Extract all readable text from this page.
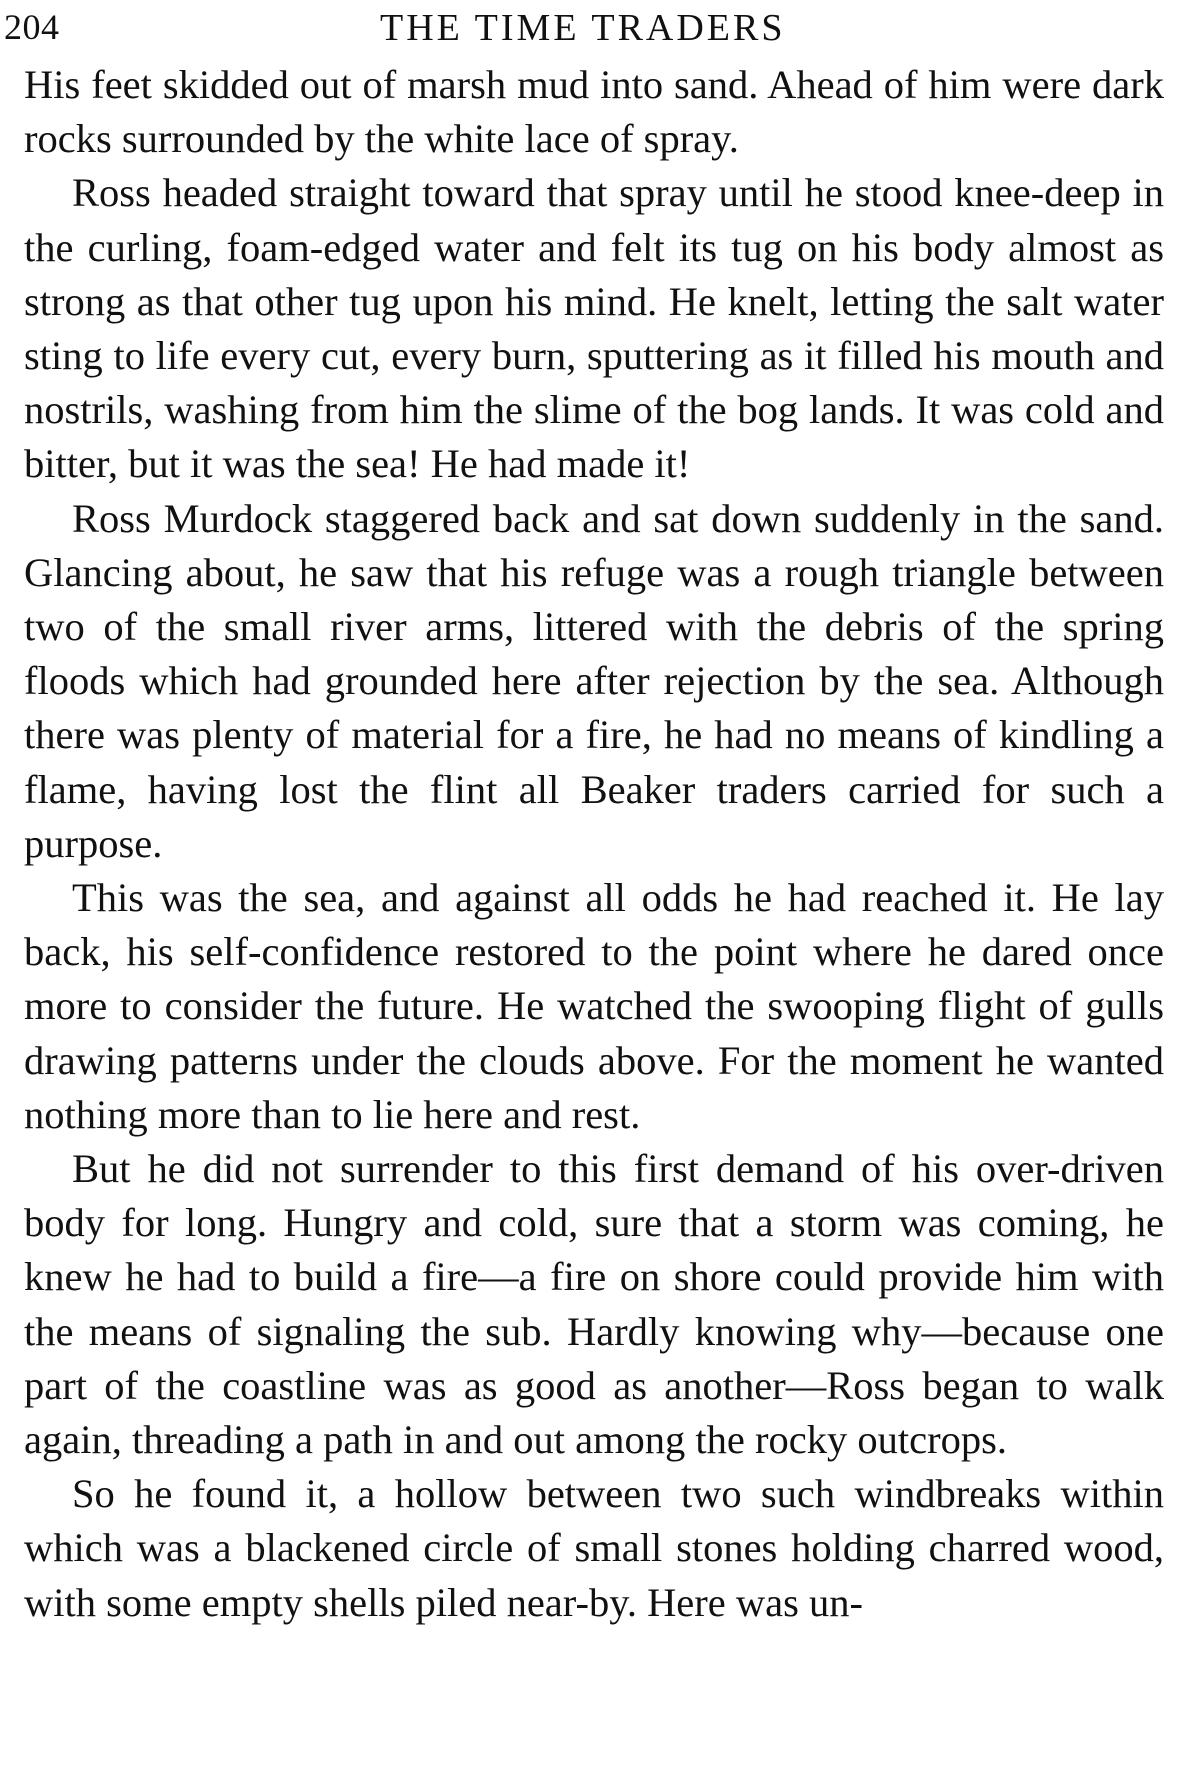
204	THE TIME TRADERS

His feet skidded out of marsh mud into sand. Ahead of him were dark rocks surrounded by the white lace of spray.

Ross headed straight toward that spray until he stood knee-deep in the curling, foam-edged water and felt its tug on his body almost as strong as that other tug upon his mind. He knelt, letting the salt water sting to life every cut, every burn, sputtering as it filled his mouth and nostrils, washing from him the slime of the bog lands. It was cold and bitter, but it was the sea! He had made it!

Ross Murdock staggered back and sat down suddenly in the sand. Glancing about, he saw that his refuge was a rough triangle between two of the small river arms, littered with the debris of the spring floods which had grounded here after rejection by the sea. Although there was plenty of material for a fire, he had no means of kindling a flame, having lost the flint all Beaker traders carried for such a purpose.

This was the sea, and against all odds he had reached it. He lay back, his self-confidence restored to the point where he dared once more to consider the future. He watched the swooping flight of gulls drawing patterns under the clouds above. For the moment he wanted nothing more than to lie here and rest.

But he did not surrender to this first demand of his over-driven body for long. Hungry and cold, sure that a storm was coming, he knew he had to build a fire—a fire on shore could provide him with the means of signaling the sub. Hardly knowing why—because one part of the coastline was as good as another—Ross began to walk again, threading a path in and out among the rocky outcrops.

So he found it, a hollow between two such windbreaks within which was a blackened circle of small stones holding charred wood, with some empty shells piled near-by. Here was un-
